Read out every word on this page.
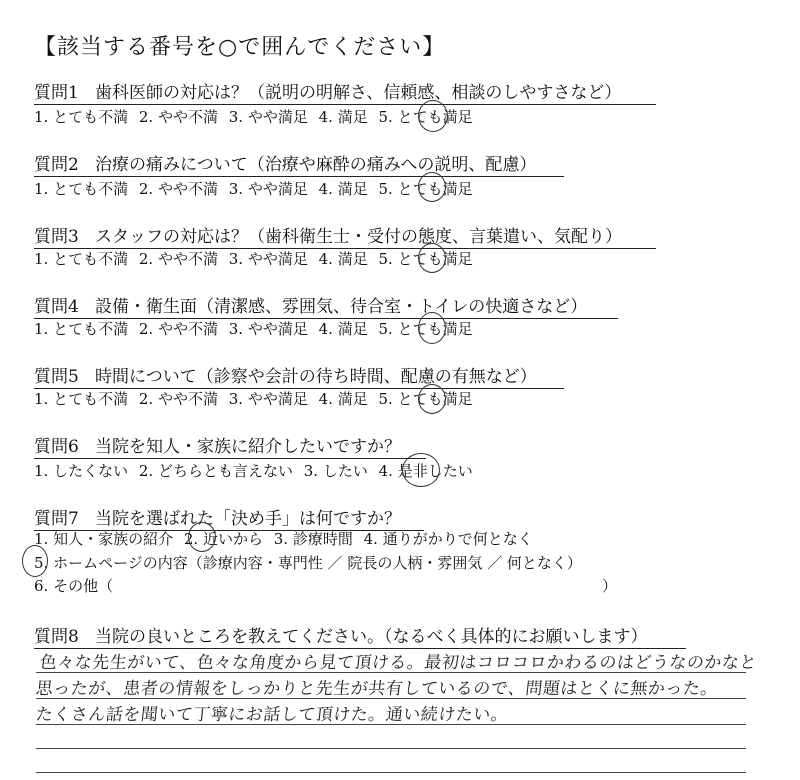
【該当する番号を○で囲んでください】
質問1 歯科医師の対応は？（説明の明解さ、信頼感、相談のしやすさなど）
1. とても不満 2. やや不満 3. やや満足 4. 満足 5. とても満足
質問2 治療の痛みについて（治療や麻酔の痛みへの説明、配慮）
1. とても不満 2. やや不満 3. やや満足 4. 満足 5. とても満足
質問3 スタッフの対応は？（歯科衛生士・受付の態度、言葉遣い、気配り）
1. とても不満 2. やや不満 3. やや満足 4. 満足 5. とても満足
質問4 設備・衛生面（清潔感、雰囲気、待合室・トイレの快適さなど）
1. とても不満 2. やや不満 3. やや満足 4. 満足 5. とても満足
質問5 時間について（診察や会計の待ち時間、配慮の有無など）
1. とても不満 2. やや不満 3. やや満足 4. 満足 5. とても満足
質問6 当院を知人・家族に紹介したいですか？
1. したくない 2. どちらとも言えない 3. したい 4. 是非したい
質問7 当院を選ばれた「決め手」は何ですか？
1. 知人・家族の紹介 2. 近いから 3. 診療時間 4. 通りがかりで何となく
5. ホームページの内容（診療内容・専門性 ／ 院長の人柄・雰囲気 ／ 何となく）
6. その他（	）
質問8 当院の良いところを教えてください。（なるべく具体的にお願いします）
色々な先生がいて、色々な角度から見て頂ける。最初はコロコロかわるのはどうなのかなと
思ったが、患者の情報をしっかりと先生が共有しているので、問題はとくに無かった。
たくさん話を聞いて丁寧にお話して頂けた。通い続けたい。
